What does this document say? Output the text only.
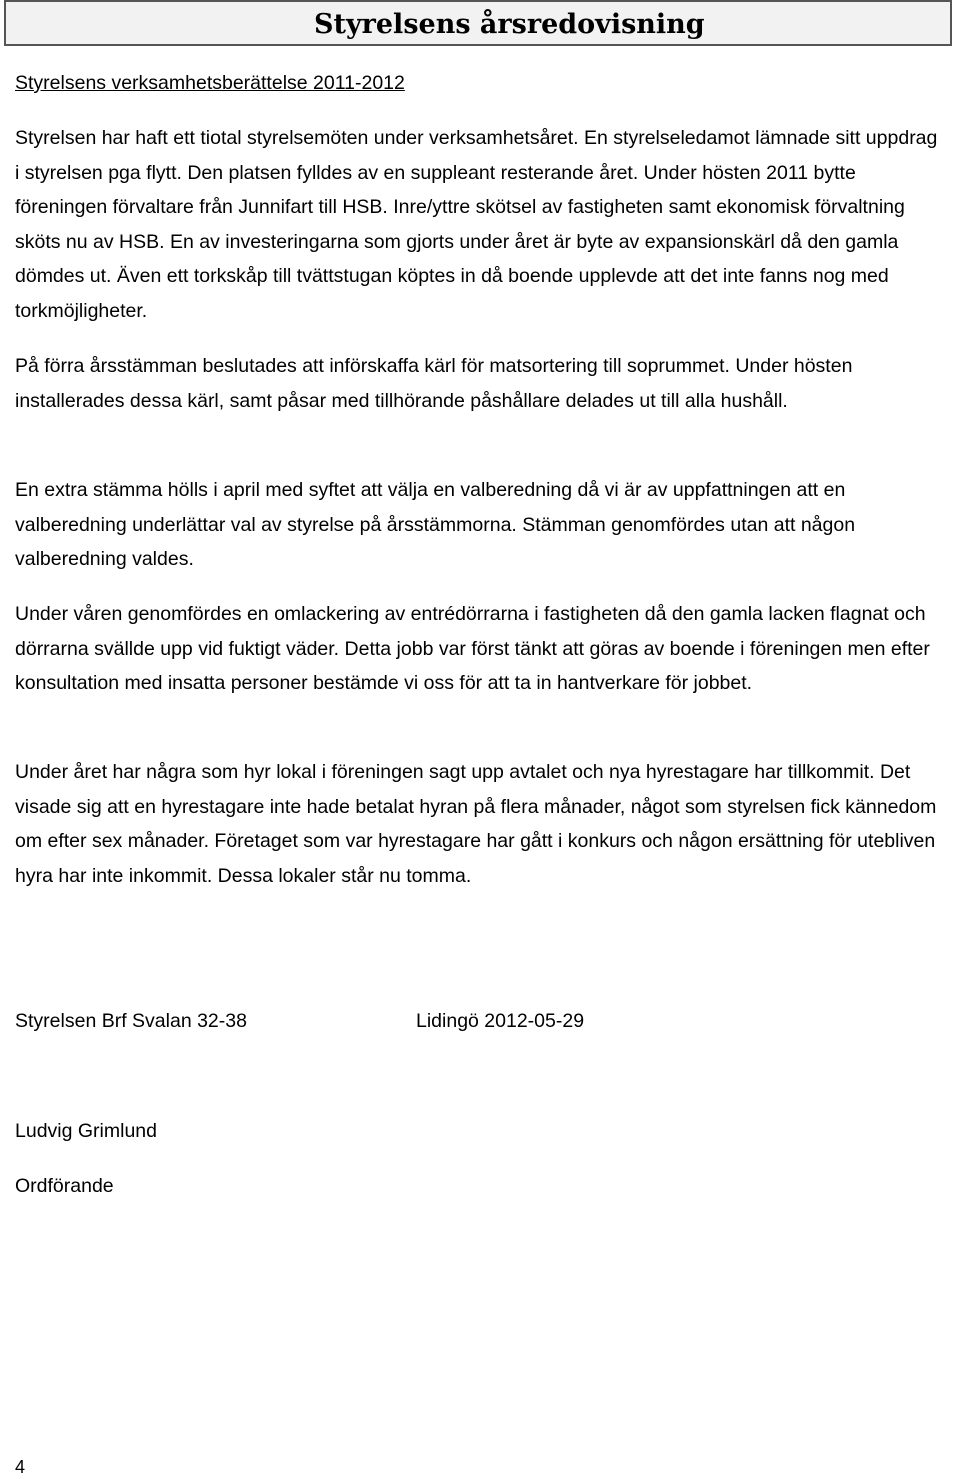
Styrelsens årsredovisning
Styrelsens verksamhetsberättelse 2011-2012

Styrelsen har haft ett tiotal styrelsemöten under verksamhetsåret. En styrelseledamot lämnade sitt uppdrag i styrelsen pga flytt. Den platsen fylldes av en suppleant resterande året. Under hösten 2011 bytte föreningen förvaltare från Junnifart till HSB. Inre/yttre skötsel av fastigheten samt ekonomisk förvaltning sköts nu av HSB. En av investeringarna som gjorts under året är byte av expansionskärl då den gamla dömdes ut. Även ett torkskåp till tvättstugan köptes in då boende upplevde att det inte fanns nog med torkmöjligheter.

På förra årsstämman beslutades att införskaffa kärl för matsortering till soprummet. Under hösten installerades dessa kärl, samt påsar med tillhörande påshållare delades ut till alla hushåll.

En extra stämma hölls i april med syftet att välja en valberedning då vi är av uppfattningen att en valberedning underlättar val av styrelse på årsstämmorna. Stämman genomfördes utan att någon valberedning valdes.

Under våren genomfördes en omlackering av entrédörrarna i fastigheten då den gamla lacken flagnat och dörrarna svällde upp vid fuktigt väder. Detta jobb var först tänkt att göras av boende i föreningen men efter konsultation med insatta personer bestämde vi oss för att ta in hantverkare för jobbet.

Under året har några som hyr lokal i föreningen sagt upp avtalet och nya hyrestagare har tillkommit. Det visade sig att en hyrestagare inte hade betalat hyran på flera månader, något som styrelsen fick kännedom om efter sex månader. Företaget som var hyrestagare har gått i konkurs och någon ersättning för utebliven hyra har inte inkommit. Dessa lokaler står nu tomma.

Styrelsen Brf Svalan 32-38	Lidingö 2012-05-29
Ludvig Grimlund
Ordförande
4
